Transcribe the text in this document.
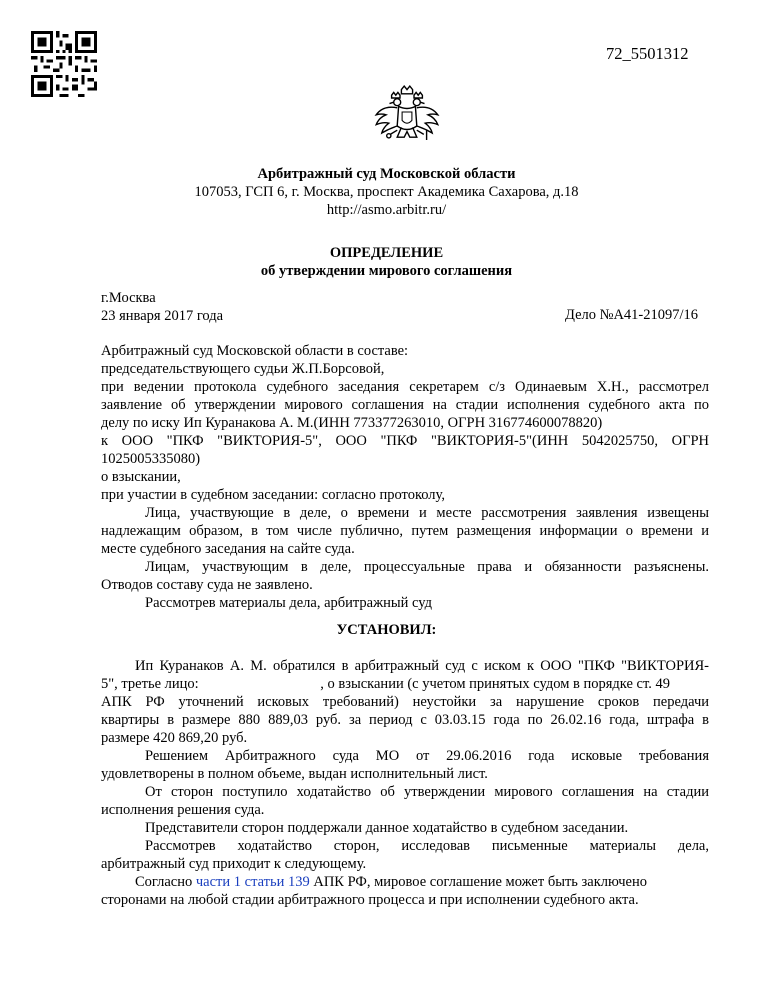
72_5501312
Арбитражный суд Московской области
107053, ГСП 6, г. Москва, проспект Академика Сахарова, д.18
http://asmo.arbitr.ru/
ОПРЕДЕЛЕНИЕ
об утверждении мирового соглашения
г.Москва
23 января 2017 года	Дело №А41-21097/16
Арбитражный суд Московской области в составе:
председательствующего судьи Ж.П.Борсовой,
при ведении протокола судебного заседания секретарем с/з Одинаевым Х.Н., рассмотрел
заявление об утверждении мирового соглашения на стадии исполнения судебного акта по
делу по иску Ип Куранакова А. М.(ИНН 773377263010, ОГРН 316774600078820)
к ООО "ПКФ "ВИКТОРИЯ-5", ООО "ПКФ "ВИКТОРИЯ-5"(ИНН 5042025750, ОГРН
1025005335080)
о взыскании,
при участии в судебном заседании: согласно протоколу,
Лица, участвующие в деле, о времени и месте рассмотрения заявления извещены
надлежащим образом, в том числе публично, путем размещения информации о времени и
месте судебного заседания на сайте суда.
Лицам, участвующим в деле, процессуальные права и обязанности разъяснены.
Отводов составу суда не заявлено.
Рассмотрев материалы дела, арбитражный суд
УСТАНОВИЛ:
Ип Куранаков А. М. обратился в арбитражный суд с иском к ООО "ПКФ "ВИКТОРИЯ-
5", третье лицо:	, о взыскании (с учетом принятых судом в порядке ст. 49
АПК РФ уточнений исковых требований) неустойки за нарушение сроков передачи
квартиры в размере 880 889,03 руб. за период с 03.03.15 года по 26.02.16 года, штрафа в
размере 420 869,20 руб.
Решением Арбитражного суда МО от 29.06.2016 года исковые требования
удовлетворены в полном объеме, выдан исполнительный лист.
От сторон поступило ходатайство об утверждении мирового соглашения на стадии
исполнения решения суда.
Представители сторон поддержали данное ходатайство в судебном заседании.
Рассмотрев ходатайство сторон, исследовав письменные материалы дела,
арбитражный суд приходит к следующему.
Согласно части 1 статьи 139 АПК РФ, мировое соглашение может быть заключено
сторонами на любой стадии арбитражного процесса и при исполнении судебного акта.
